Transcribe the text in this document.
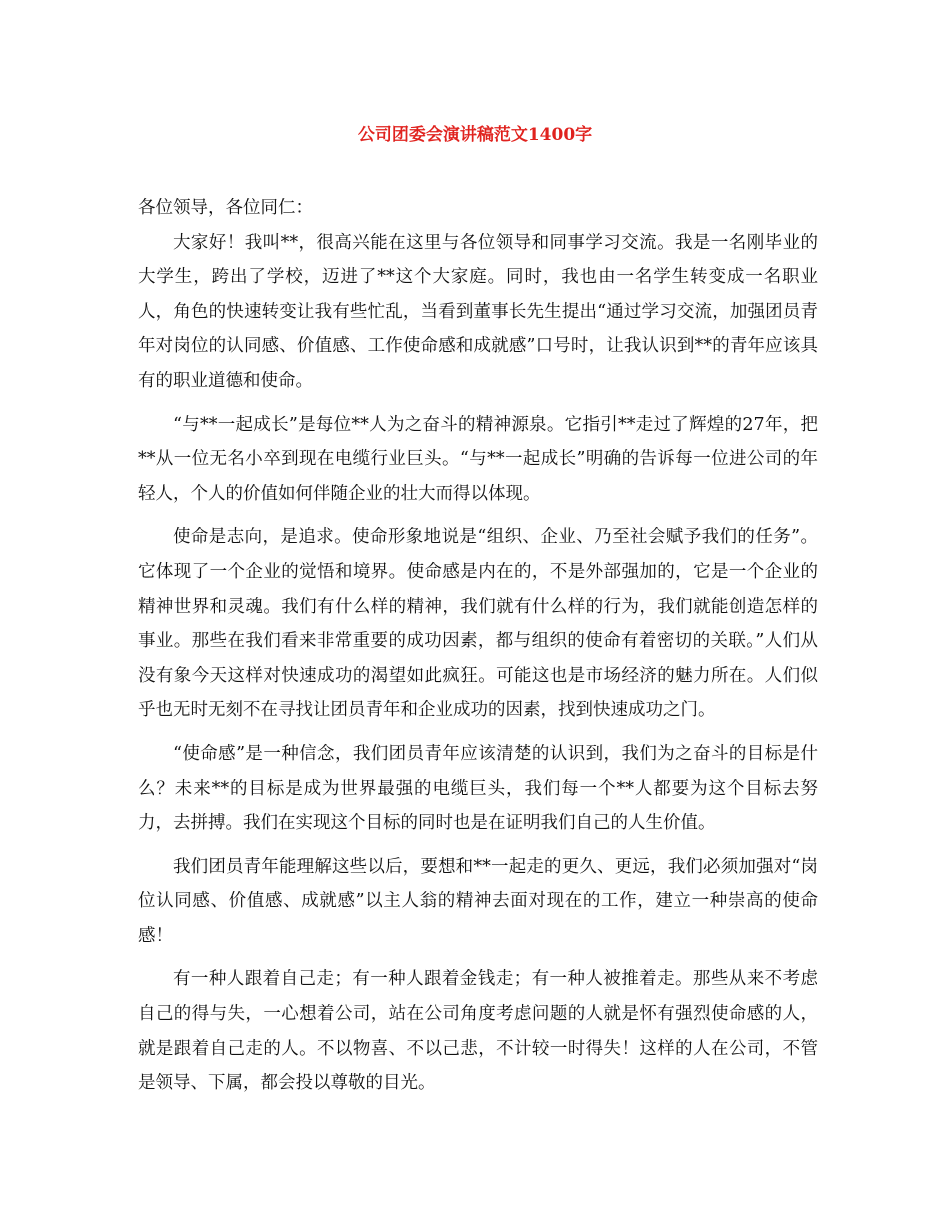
公司团委会演讲稿范文1400字

各位领导，各位同仁：

大家好！我叫**，很高兴能在这里与各位领导和同事学习交流。我是一名刚毕业的大学生，跨出了学校，迈进了**这个大家庭。同时，我也由一名学生转变成一名职业人，角色的快速转变让我有些忙乱，当看到董事长先生提出“通过学习交流，加强团员青年对岗位的认同感、价值感、工作使命感和成就感”口号时，让我认识到**的青年应该具有的职业道德和使命。

“与**一起成长”是每位**人为之奋斗的精神源泉。它指引**走过了辉煌的27年，把**从一位无名小卒到现在电缆行业巨头。“与**一起成长”明确的告诉每一位进公司的年轻人，个人的价值如何伴随企业的壮大而得以体现。

使命是志向，是追求。使命形象地说是“组织、企业、乃至社会赋予我们的任务”。它体现了一个企业的觉悟和境界。使命感是内在的，不是外部强加的，它是一个企业的精神世界和灵魂。我们有什么样的精神，我们就有什么样的行为，我们就能创造怎样的事业。那些在我们看来非常重要的成功因素，都与组织的使命有着密切的关联。”人们从没有象今天这样对快速成功的渴望如此疯狂。可能这也是市场经济的魅力所在。人们似乎也无时无刻不在寻找让团员青年和企业成功的因素，找到快速成功之门。

“使命感”是一种信念，我们团员青年应该清楚的认识到，我们为之奋斗的目标是什么？未来**的目标是成为世界最强的电缆巨头，我们每一个**人都要为这个目标去努力，去拼搏。我们在实现这个目标的同时也是在证明我们自己的人生价值。

我们团员青年能理解这些以后，要想和**一起走的更久、更远，我们必须加强对“岗位认同感、价值感、成就感”以主人翁的精神去面对现在的工作，建立一种崇高的使命感！

有一种人跟着自己走；有一种人跟着金钱走；有一种人被推着走。那些从来不考虑自己的得与失，一心想着公司，站在公司角度考虑问题的人就是怀有强烈使命感的人，就是跟着自己走的人。不以物喜、不以己悲，不计较一时得失！这样的人在公司，不管是领导、下属，都会投以尊敬的目光。
